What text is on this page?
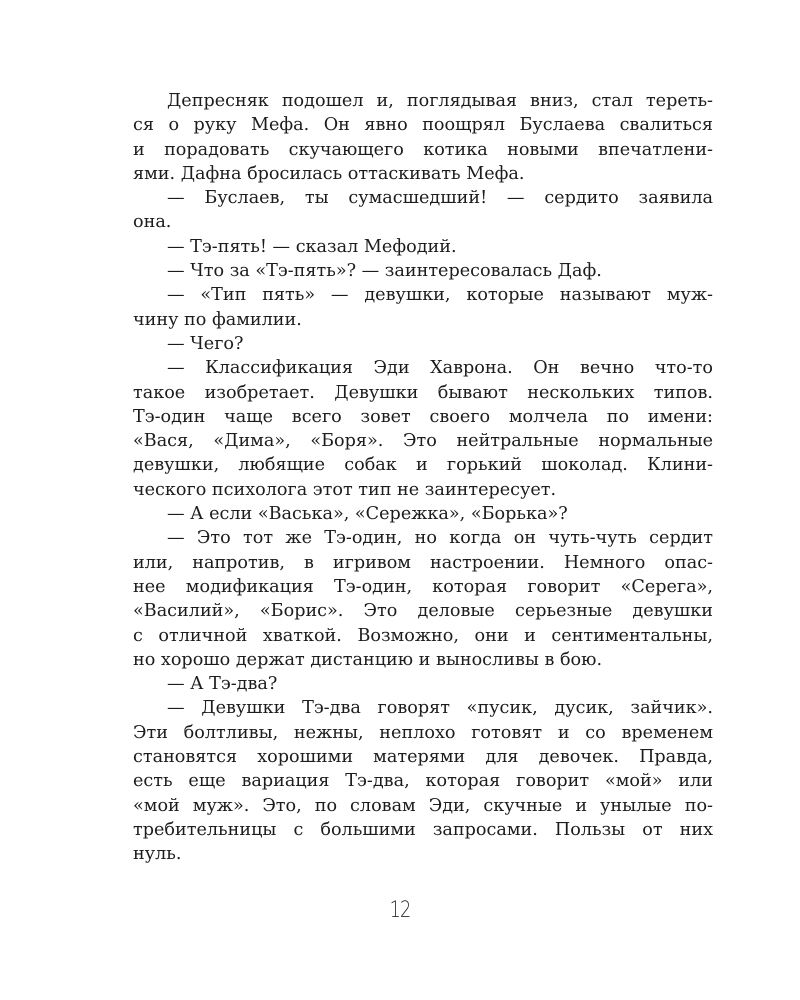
Депресняк подошел и, поглядывая вниз, стал тереть-
ся о руку Мефа. Он явно поощрял Буслаева свалиться
и порадовать скучающего котика новыми впечатлени-
ями. Дафна бросилась оттаскивать Мефа.
— Буслаев, ты сумасшедший! — сердито заявила
она.
— Тэ-пять! — сказал Мефодий.
— Что за «Тэ-пять»? — заинтересовалась Даф.
— «Тип пять» — девушки, которые называют муж-
чину по фамилии.
— Чего?
— Классификация Эди Хаврона. Он вечно что-то
такое изобретает. Девушки бывают нескольких типов.
Тэ-один чаще всего зовет своего молчела по имени:
«Вася, «Дима», «Боря». Это нейтральные нормальные
девушки, любящие собак и горький шоколад. Клини-
ческого психолога этот тип не заинтересует.
— А если «Васька», «Сережка», «Борька»?
— Это тот же Тэ-один, но когда он чуть-чуть сердит
или, напротив, в игривом настроении. Немного опас-
нее модификация Тэ-один, которая говорит «Серега»,
«Василий», «Борис». Это деловые серьезные девушки
с отличной хваткой. Возможно, они и сентиментальны,
но хорошо держат дистанцию и выносливы в бою.
— А Тэ-два?
— Девушки Тэ-два говорят «пусик, дусик, зайчик».
Эти болтливы, нежны, неплохо готовят и со временем
становятся хорошими матерями для девочек. Правда,
есть еще вариация Тэ-два, которая говорит «мой» или
«мой муж». Это, по словам Эди, скучные и унылые по-
требительницы с большими запросами. Пользы от них
нуль.
12
